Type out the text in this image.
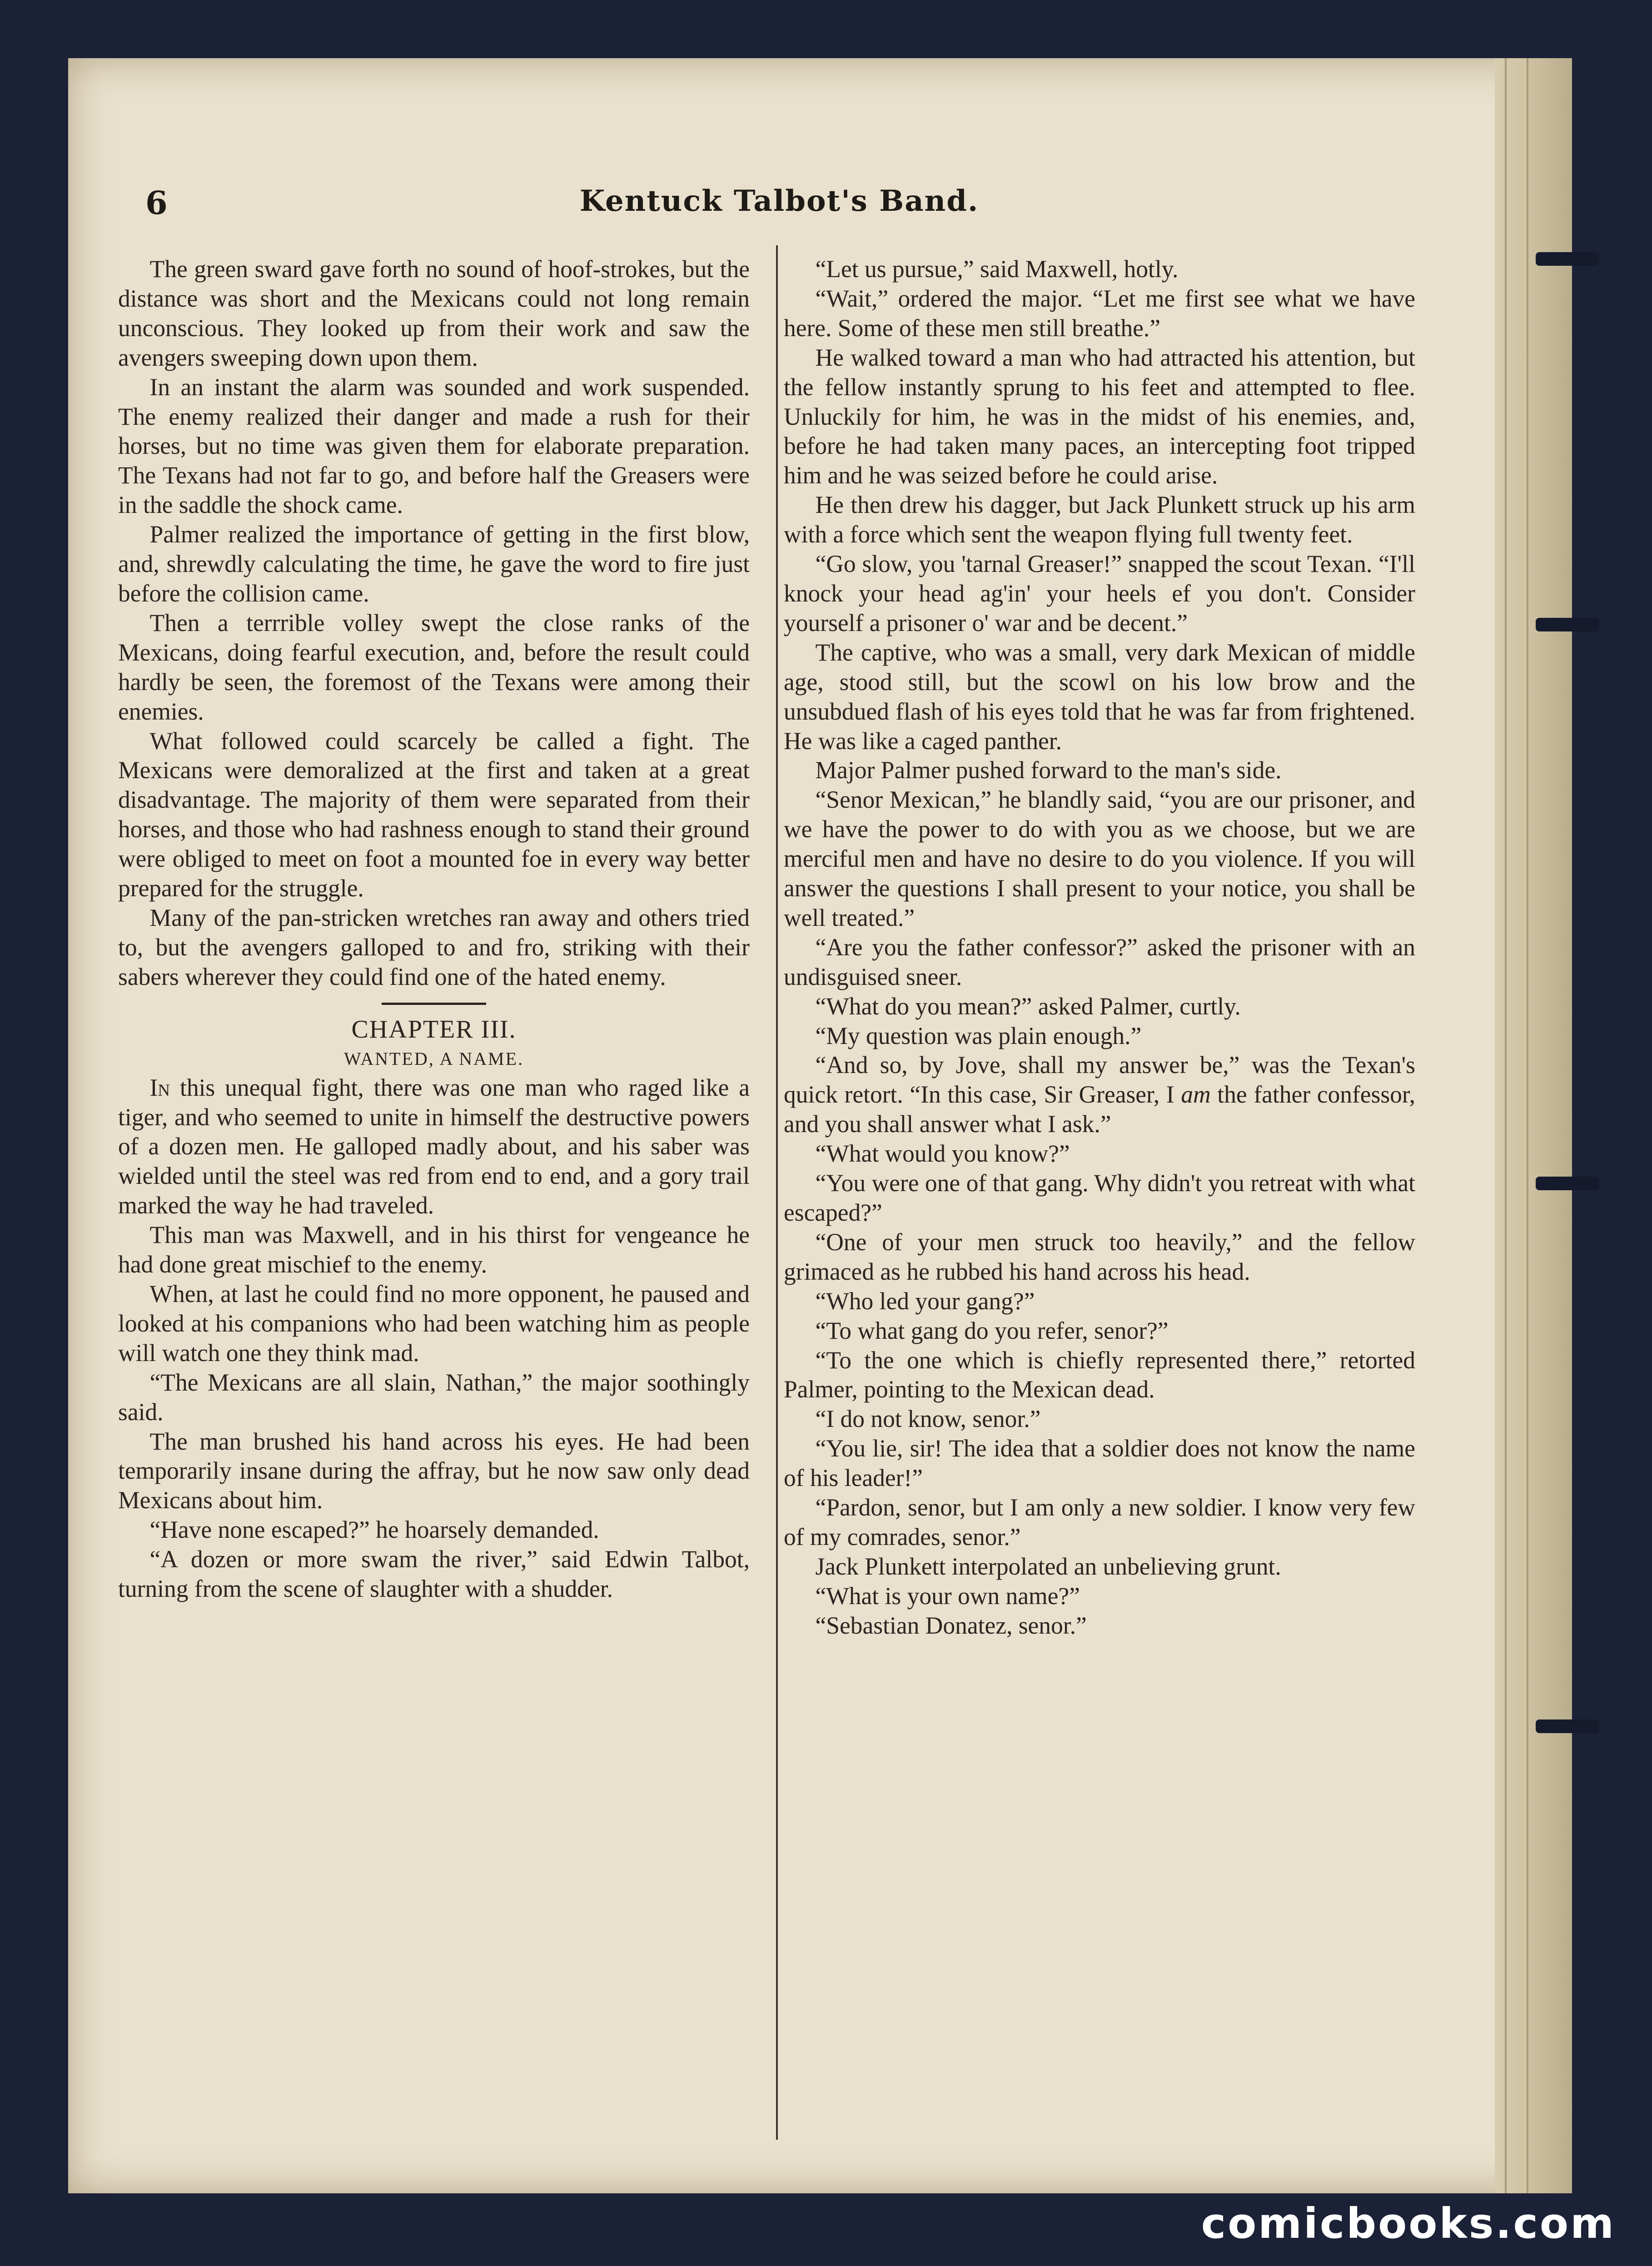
6	Kentuck Talbot's Band.

The green sward gave forth no sound of hoof-strokes, but the distance was short and the Mexicans could not long remain unconscious. They looked up from their work and saw the avengers sweeping down upon them.

In an instant the alarm was sounded and work suspended. The enemy realized their danger and made a rush for their horses, but no time was given them for elaborate preparation. The Texans had not far to go, and before half the Greasers were in the saddle the shock came.

Palmer realized the importance of getting in the first blow, and, shrewdly calculating the time, he gave the word to fire just before the collision came.

Then a terrrible volley swept the close ranks of the Mexicans, doing fearful execution, and, before the result could hardly be seen, the foremost of the Texans were among their enemies.

What followed could scarcely be called a fight. The Mexicans were demoralized at the first and taken at a great disadvantage. The majority of them were separated from their horses, and those who had rashness enough to stand their ground were obliged to meet on foot a mounted foe in every way better prepared for the struggle.

Many of the pan-stricken wretches ran away and others tried to, but the avengers galloped to and fro, striking with their sabers wherever they could find one of the hated enemy.

CHAPTER III.

WANTED, A NAME.

In this unequal fight, there was one man who raged like a tiger, and who seemed to unite in himself the destructive powers of a dozen men. He galloped madly about, and his saber was wielded until the steel was red from end to end, and a gory trail marked the way he had traveled.

This man was Maxwell, and in his thirst for vengeance he had done great mischief to the enemy.

When, at last he could find no more opponent, he paused and looked at his companions who had been watching him as people will watch one they think mad.

“The Mexicans are all slain, Nathan,” the major soothingly said.

The man brushed his hand across his eyes. He had been temporarily insane during the affray, but he now saw only dead Mexicans about him.

“Have none escaped?” he hoarsely demanded.

“A dozen or more swam the river,” said Edwin Talbot, turning from the scene of slaughter with a shudder.

“Let us pursue,” said Maxwell, hotly.

“Wait,” ordered the major. “Let me first see what we have here. Some of these men still breathe.”

He walked toward a man who had attracted his attention, but the fellow instantly sprung to his feet and attempted to flee. Unluckily for him, he was in the midst of his enemies, and, before he had taken many paces, an intercepting foot tripped him and he was seized before he could arise.

He then drew his dagger, but Jack Plunkett struck up his arm with a force which sent the weapon flying full twenty feet.

“Go slow, you 'tarnal Greaser!” snapped the scout Texan. “I'll knock your head ag'in' your heels ef you don't. Consider yourself a prisoner o' war and be decent.”

The captive, who was a small, very dark Mexican of middle age, stood still, but the scowl on his low brow and the unsubdued flash of his eyes told that he was far from frightened. He was like a caged panther.

Major Palmer pushed forward to the man's side.

“Senor Mexican,” he blandly said, “you are our prisoner, and we have the power to do with you as we choose, but we are merciful men and have no desire to do you violence. If you will answer the questions I shall present to your notice, you shall be well treated.”

“Are you the father confessor?” asked the prisoner with an undisguised sneer.

“What do you mean?” asked Palmer, curtly.

“My question was plain enough.”

“And so, by Jove, shall my answer be,” was the Texan's quick retort. “In this case, Sir Greaser, I am the father confessor, and you shall answer what I ask.”

“What would you know?”

“You were one of that gang. Why didn't you retreat with what escaped?”

“One of your men struck too heavily,” and the fellow grimaced as he rubbed his hand across his head.

“Who led your gang?”

“To what gang do you refer, senor?”

“To the one which is chiefly represented there,” retorted Palmer, pointing to the Mexican dead.

“I do not know, senor.”

“You lie, sir! The idea that a soldier does not know the name of his leader!”

“Pardon, senor, but I am only a new soldier. I know very few of my comrades, senor.”

Jack Plunkett interpolated an unbelieving grunt.

“What is your own name?”

“Sebastian Donatez, senor.”

comicbooks.com
